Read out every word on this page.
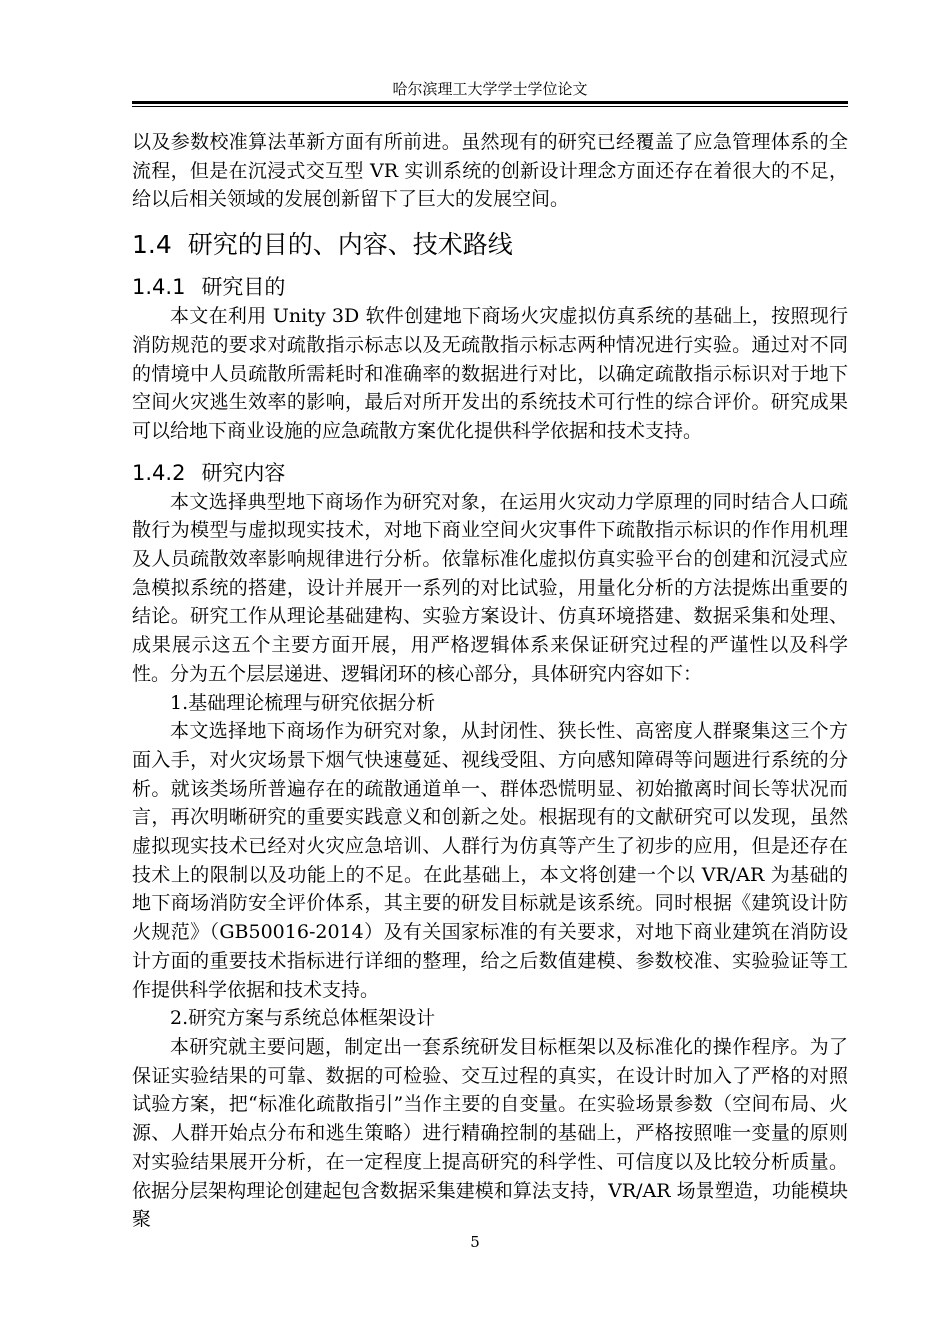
哈尔滨理工大学学士学位论文

以及参数校准算法革新方面有所前进。虽然现有的研究已经覆盖了应急管理体系的全流程，但是在沉浸式交互型 VR 实训系统的创新设计理念方面还存在着很大的不足，给以后相关领域的发展创新留下了巨大的发展空间。

1.4 研究的目的、内容、技术路线
1.4.1 研究目的

本文在利用 Unity 3D 软件创建地下商场火灾虚拟仿真系统的基础上，按照现行消防规范的要求对疏散指示标志以及无疏散指示标志两种情况进行实验。通过对不同的情境中人员疏散所需耗时和准确率的数据进行对比，以确定疏散指示标识对于地下空间火灾逃生效率的影响，最后对所开发出的系统技术可行性的综合评价。研究成果可以给地下商业设施的应急疏散方案优化提供科学依据和技术支持。

1.4.2 研究内容

本文选择典型地下商场作为研究对象，在运用火灾动力学原理的同时结合人口疏散行为模型与虚拟现实技术，对地下商业空间火灾事件下疏散指示标识的作作用机理及人员疏散效率影响规律进行分析。依靠标准化虚拟仿真实验平台的创建和沉浸式应急模拟系统的搭建，设计并展开一系列的对比试验，用量化分析的方法提炼出重要的结论。研究工作从理论基础建构、实验方案设计、仿真环境搭建、数据采集和处理、成果展示这五个主要方面开展，用严格逻辑体系来保证研究过程的严谨性以及科学性。分为五个层层递进、逻辑闭环的核心部分，具体研究内容如下：

1.基础理论梳理与研究依据分析

本文选择地下商场作为研究对象，从封闭性、狭长性、高密度人群聚集这三个方面入手，对火灾场景下烟气快速蔓延、视线受阻、方向感知障碍等问题进行系统的分析。就该类场所普遍存在的疏散通道单一、群体恐慌明显、初始撤离时间长等状况而言，再次明晰研究的重要实践意义和创新之处。根据现有的文献研究可以发现，虽然虚拟现实技术已经对火灾应急培训、人群行为仿真等产生了初步的应用，但是还存在技术上的限制以及功能上的不足。在此基础上，本文将创建一个以 VR/AR 为基础的地下商场消防安全评价体系，其主要的研发目标就是该系统。同时根据《建筑设计防火规范》（GB50016-2014）及有关国家标准的有关要求，对地下商业建筑在消防设计方面的重要技术指标进行详细的整理，给之后数值建模、参数校准、实验验证等工作提供科学依据和技术支持。

2.研究方案与系统总体框架设计

本研究就主要问题，制定出一套系统研发目标框架以及标准化的操作程序。为了保证实验结果的可靠、数据的可检验、交互过程的真实，在设计时加入了严格的对照试验方案，把“标准化疏散指引”当作主要的自变量。在实验场景参数（空间布局、火源、人群开始点分布和逃生策略）进行精确控制的基础上，严格按照唯一变量的原则对实验结果展开分析，在一定程度上提高研究的科学性、可信度以及比较分析质量。依据分层架构理论创建起包含数据采集建模和算法支持，VR/AR 场景塑造，功能模块聚

5
